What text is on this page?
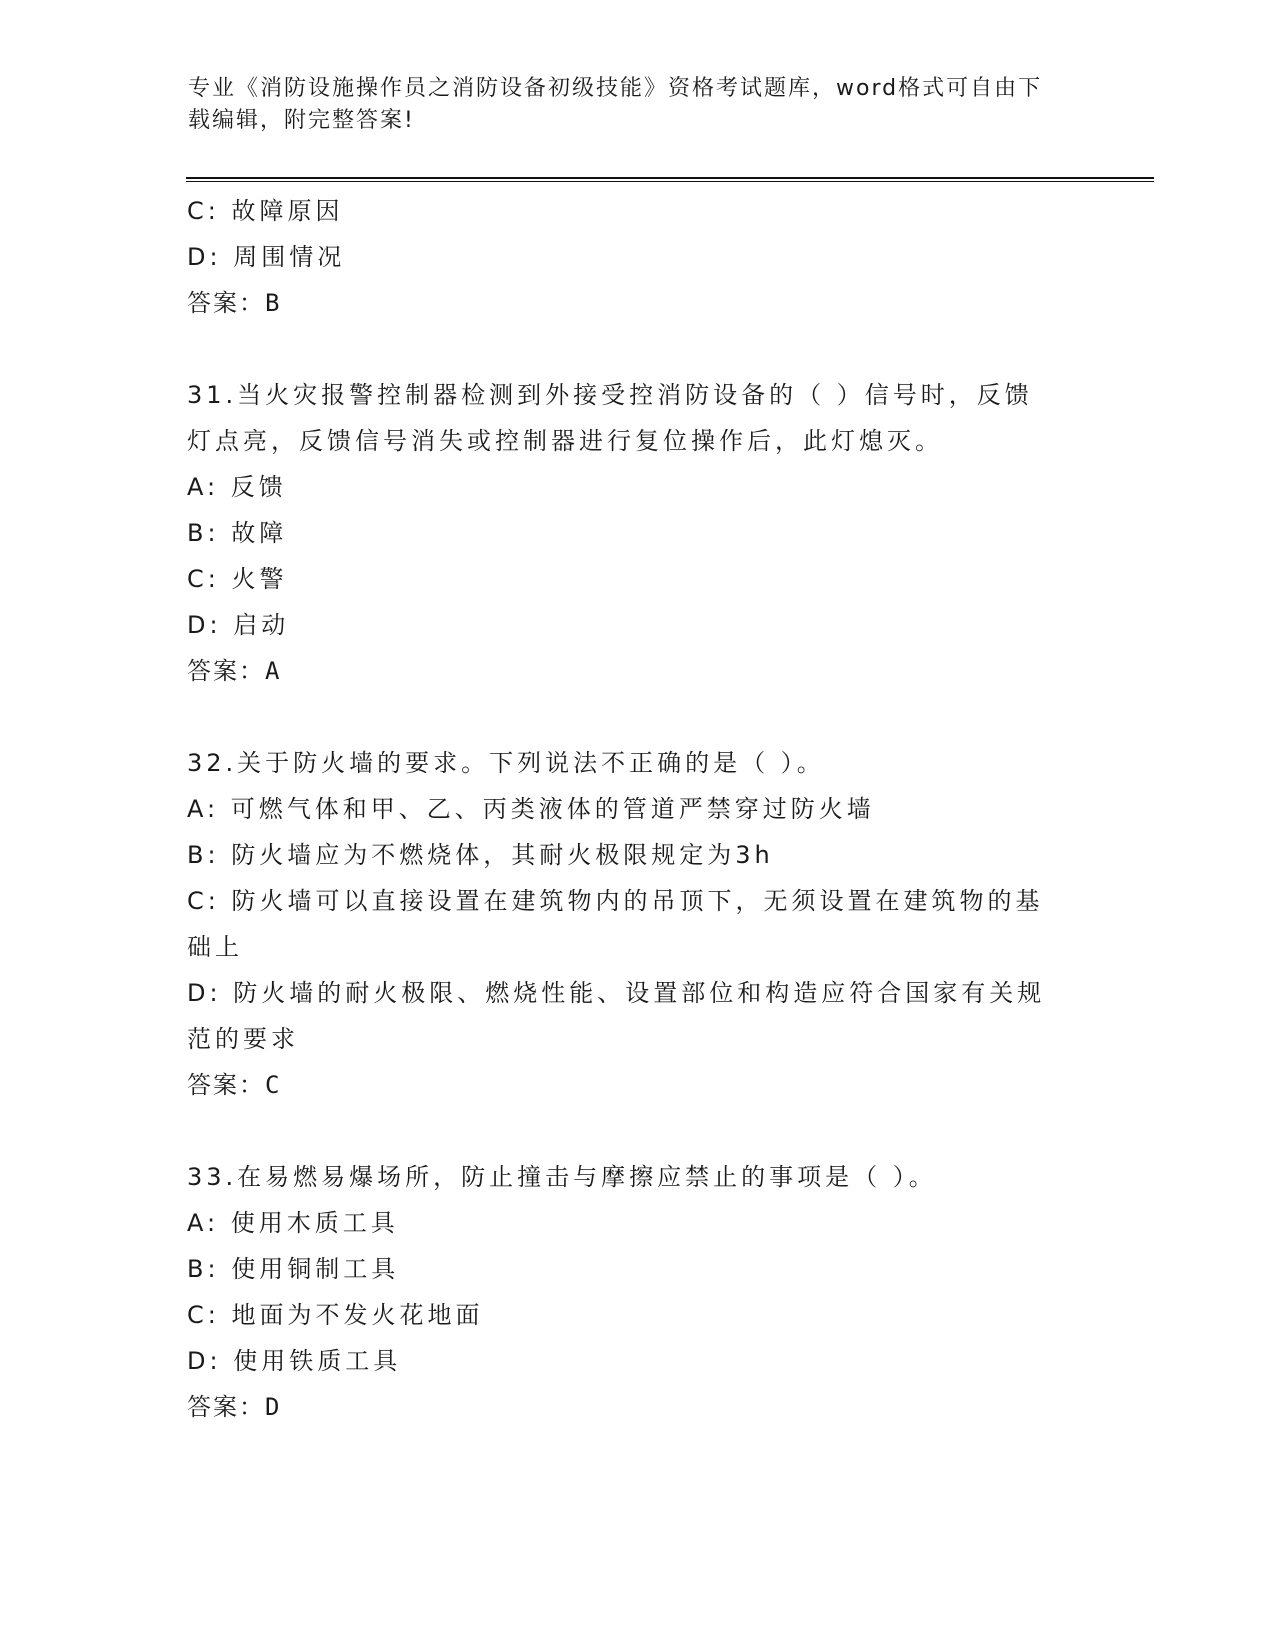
专业《消防设施操作员之消防设备初级技能》资格考试题库，word格式可自由下
载编辑，附完整答案!
C: 故障原因
D: 周围情况
答案：B
31.当火灾报警控制器检测到外接受控消防设备的（ ）信号时，反馈
灯点亮，反馈信号消失或控制器进行复位操作后，此灯熄灭。
A: 反馈
B: 故障
C: 火警
D: 启动
答案：A
32.关于防火墙的要求。下列说法不正确的是（ ）。
A: 可燃气体和甲、乙、丙类液体的管道严禁穿过防火墙
B: 防火墙应为不燃烧体，其耐火极限规定为3h
C: 防火墙可以直接设置在建筑物内的吊顶下，无须设置在建筑物的基
础上
D: 防火墙的耐火极限、燃烧性能、设置部位和构造应符合国家有关规
范的要求
答案：C
33.在易燃易爆场所，防止撞击与摩擦应禁止的事项是（ ）。
A: 使用木质工具
B: 使用铜制工具
C: 地面为不发火花地面
D: 使用铁质工具
答案：D
